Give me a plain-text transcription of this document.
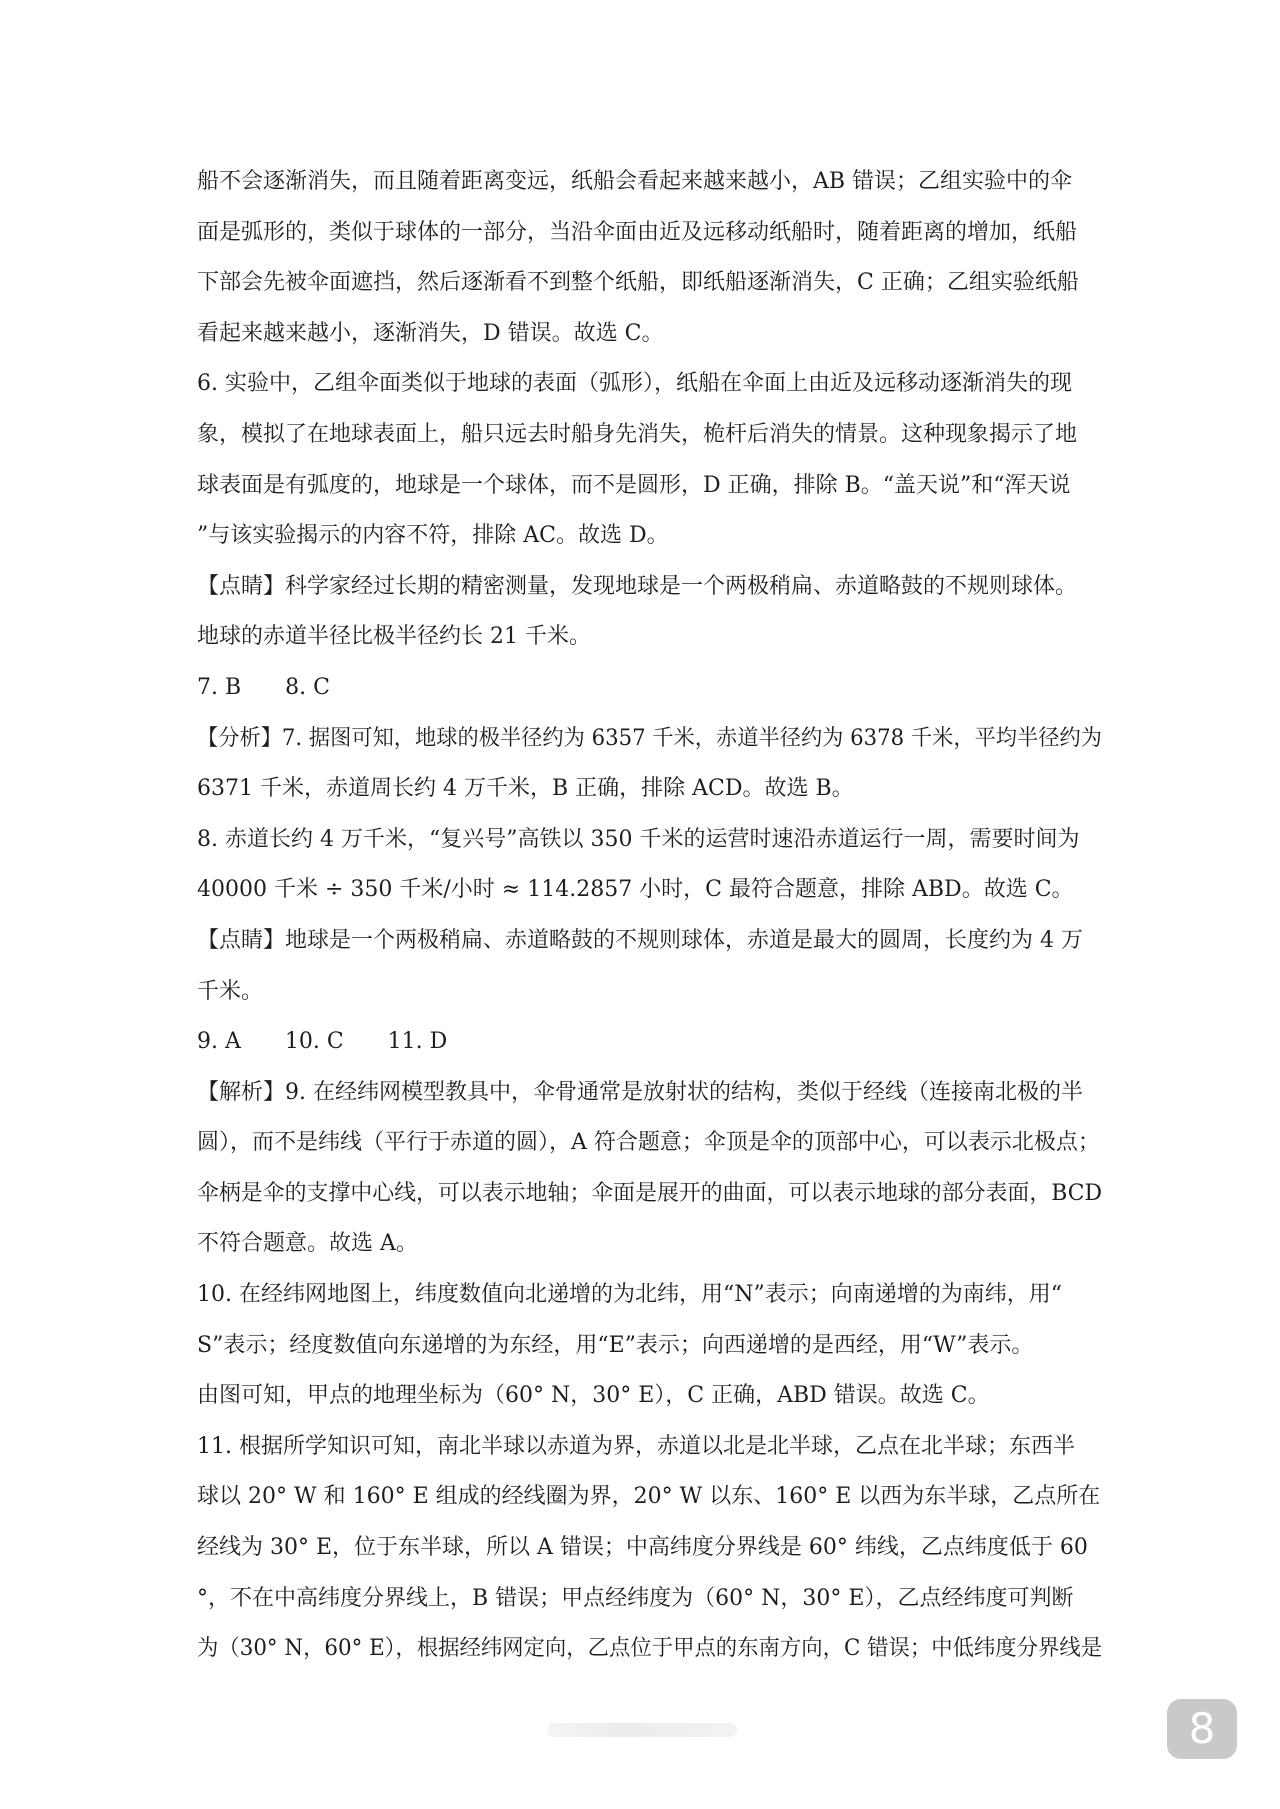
船不会逐渐消失，而且随着距离变远，纸船会看起来越来越小，AB 错误；乙组实验中的伞
面是弧形的，类似于球体的一部分，当沿伞面由近及远移动纸船时，随着距离的增加，纸船
下部会先被伞面遮挡，然后逐渐看不到整个纸船，即纸船逐渐消失，C 正确；乙组实验纸船
看起来越来越小，逐渐消失，D 错误。故选 C。
6. 实验中，乙组伞面类似于地球的表面（弧形），纸船在伞面上由近及远移动逐渐消失的现
象，模拟了在地球表面上，船只远去时船身先消失，桅杆后消失的情景。这种现象揭示了地
球表面是有弧度的，地球是一个球体，而不是圆形，D 正确，排除 B。“盖天说”和“浑天说
”与该实验揭示的内容不符，排除 AC。故选 D。
【点睛】科学家经过长期的精密测量，发现地球是一个两极稍扁、赤道略鼓的不规则球体。
地球的赤道半径比极半径约长 21 千米。
7. B　　8. C
【分析】7. 据图可知，地球的极半径约为 6357 千米，赤道半径约为 6378 千米，平均半径约为
6371 千米，赤道周长约 4 万千米，B 正确，排除 ACD。故选 B。
8. 赤道长约 4 万千米，“复兴号”高铁以 350 千米的运营时速沿赤道运行一周，需要时间为
40000 千米 ÷ 350 千米/小时 ≈ 114.2857 小时，C 最符合题意，排除 ABD。故选 C。
【点睛】地球是一个两极稍扁、赤道略鼓的不规则球体，赤道是最大的圆周，长度约为 4 万
千米。
9. A　　10. C　　11. D
【解析】9. 在经纬网模型教具中，伞骨通常是放射状的结构，类似于经线（连接南北极的半
圆），而不是纬线（平行于赤道的圆），A 符合题意；伞顶是伞的顶部中心，可以表示北极点；
伞柄是伞的支撑中心线，可以表示地轴；伞面是展开的曲面，可以表示地球的部分表面，BCD
不符合题意。故选 A。
10. 在经纬网地图上，纬度数值向北递增的为北纬，用“N”表示；向南递增的为南纬，用“
S”表示；经度数值向东递增的为东经，用“E”表示；向西递增的是西经，用“W”表示。
由图可知，甲点的地理坐标为（60° N，30° E），C 正确，ABD 错误。故选 C。
11. 根据所学知识可知，南北半球以赤道为界，赤道以北是北半球，乙点在北半球；东西半
球以 20° W 和 160° E 组成的经线圈为界，20° W 以东、160° E 以西为东半球，乙点所在
经线为 30° E，位于东半球，所以 A 错误；中高纬度分界线是 60° 纬线，乙点纬度低于 60
°，不在中高纬度分界线上，B 错误；甲点经纬度为（60° N，30° E），乙点经纬度可判断
为（30° N，60° E），根据经纬网定向，乙点位于甲点的东南方向，C 错误；中低纬度分界线是
8
